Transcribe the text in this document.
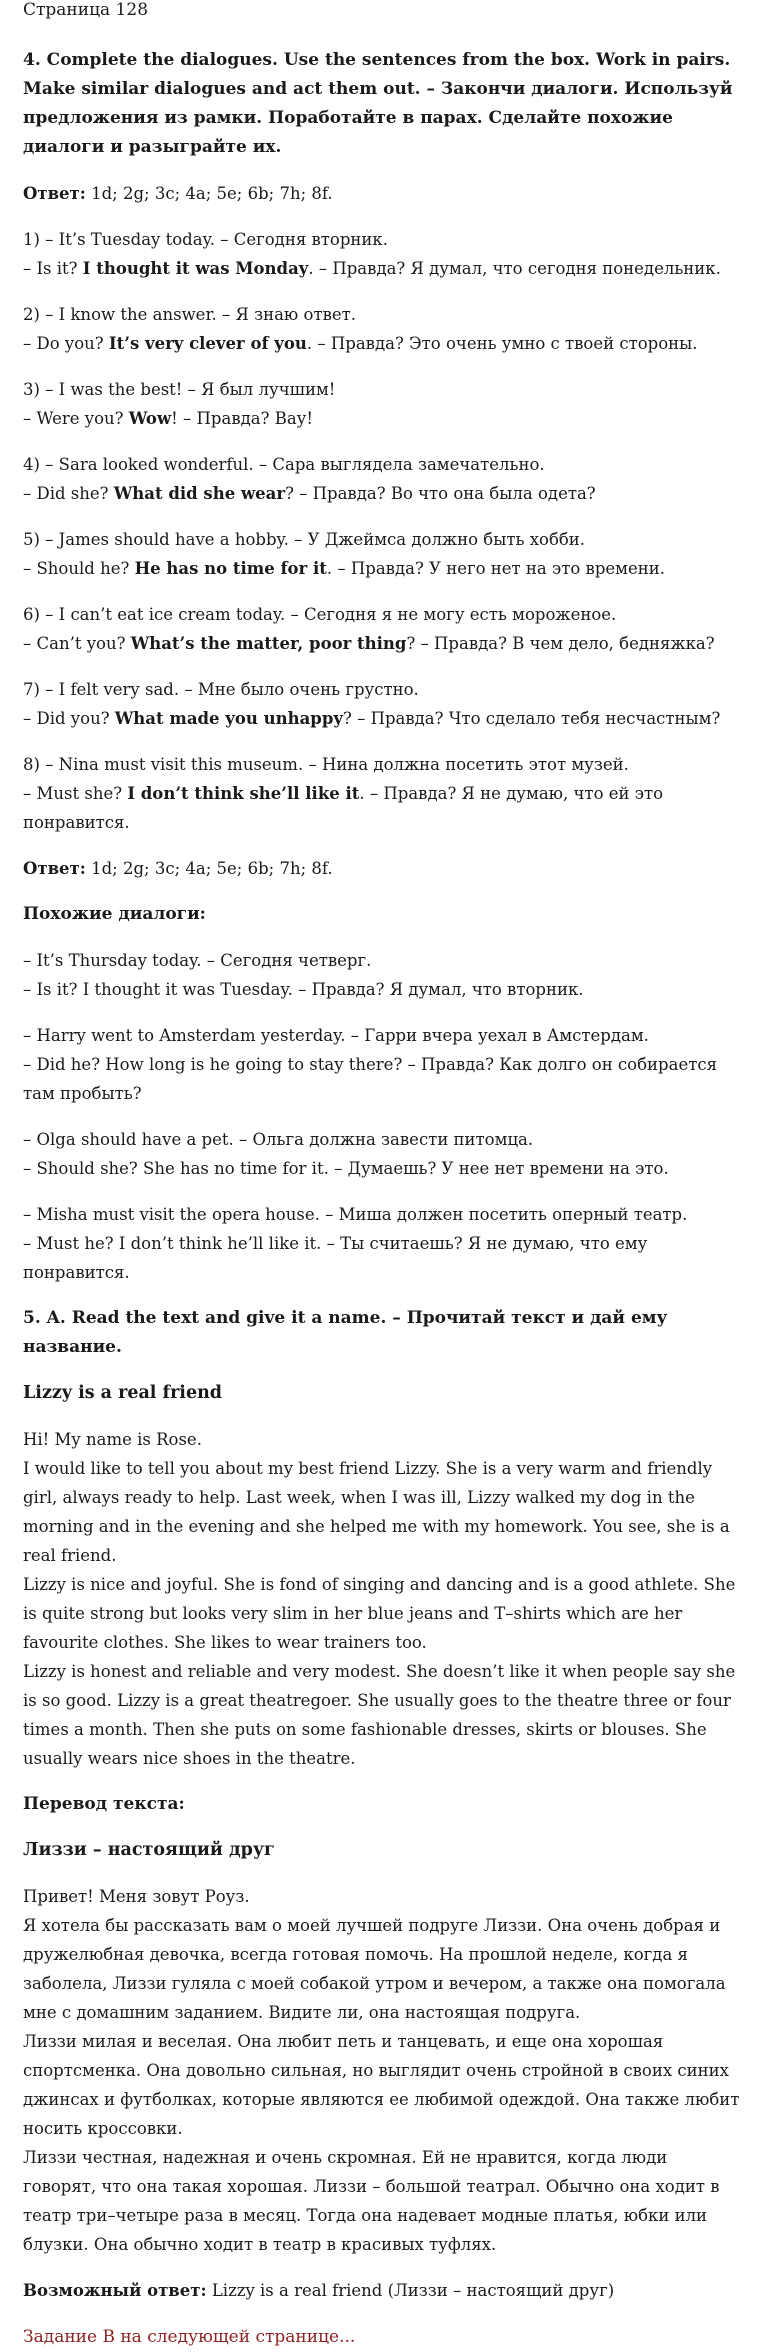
Страница 128

4. Complete the dialogues. Use the sentences from the box. Work in pairs. Make similar dialogues and act them out. – Закончи диалоги. Используй предложения из рамки. Поработайте в парах. Сделайте похожие диалоги и разыграйте их.

Ответ: 1d; 2g; 3c; 4a; 5e; 6b; 7h; 8f.

1) – It’s Tuesday today. – Сегодня вторник.
– Is it? I thought it was Monday. – Правда? Я думал, что сегодня понедельник.

2) – I know the answer. – Я знаю ответ.
– Do you? It’s very clever of you. – Правда? Это очень умно с твоей стороны.

3) – I was the best! – Я был лучшим!
– Were you? Wow! – Правда? Вау!

4) – Sara looked wonderful. – Сара выглядела замечательно.
– Did she? What did she wear? – Правда? Во что она была одета?

5) – James should have a hobby. – У Джеймса должно быть хобби.
– Should he? He has no time for it. – Правда? У него нет на это времени.

6) – I can’t eat ice cream today. – Сегодня я не могу есть мороженое.
– Can’t you? What’s the matter, poor thing? – Правда? В чем дело, бедняжка?

7) – I felt very sad. – Мне было очень грустно.
– Did you? What made you unhappy? – Правда? Что сделало тебя несчастным?

8) – Nina must visit this museum. – Нина должна посетить этот музей.
– Must she? I don’t think she’ll like it. – Правда? Я не думаю, что ей это понравится.

Ответ: 1d; 2g; 3c; 4a; 5e; 6b; 7h; 8f.

Похожие диалоги:

– It’s Thursday today. – Сегодня четверг.
– Is it? I thought it was Tuesday. – Правда? Я думал, что вторник.

– Harry went to Amsterdam yesterday. – Гарри вчера уехал в Амстердам.
– Did he? How long is he going to stay there? – Правда? Как долго он собирается там пробыть?

– Olga should have a pet. – Ольга должна завести питомца.
– Should she? She has no time for it. – Думаешь? У нее нет времени на это.

– Misha must visit the opera house. – Миша должен посетить оперный театр.
– Must he? I don’t think he’ll like it. – Ты считаешь? Я не думаю, что ему понравится.

5. A. Read the text and give it a name. – Прочитай текст и дай ему название.

Lizzy is a real friend

Hi! My name is Rose.
I would like to tell you about my best friend Lizzy. She is a very warm and friendly girl, always ready to help. Last week, when I was ill, Lizzy walked my dog in the morning and in the evening and she helped me with my homework. You see, she is a real friend.
Lizzy is nice and joyful. She is fond of singing and dancing and is a good athlete. She is quite strong but looks very slim in her blue jeans and T–shirts which are her favourite clothes. She likes to wear trainers too.
Lizzy is honest and reliable and very modest. She doesn’t like it when people say she is so good. Lizzy is a great theatregoer. She usually goes to the theatre three or four times a month. Then she puts on some fashionable dresses, skirts or blouses. She usually wears nice shoes in the theatre.

Перевод текста:

Лиззи – настоящий друг

Привет! Меня зовут Роуз.
Я хотела бы рассказать вам о моей лучшей подруге Лиззи. Она очень добрая и дружелюбная девочка, всегда готовая помочь. На прошлой неделе, когда я заболела, Лиззи гуляла с моей собакой утром и вечером, а также она помогала мне с домашним заданием. Видите ли, она настоящая подруга.
Лиззи милая и веселая. Она любит петь и танцевать, и еще она хорошая спортсменка. Она довольно сильная, но выглядит очень стройной в своих синих джинсах и футболках, которые являются ее любимой одеждой. Она также любит носить кроссовки.
Лиззи честная, надежная и очень скромная. Ей не нравится, когда люди говорят, что она такая хорошая. Лиззи – большой театрал. Обычно она ходит в театр три–четыре раза в месяц. Тогда она надевает модные платья, юбки или блузки. Она обычно ходит в театр в красивых туфлях.

Возможный ответ: Lizzy is a real friend (Лиззи – настоящий друг)

Задание B на следующей странице...
